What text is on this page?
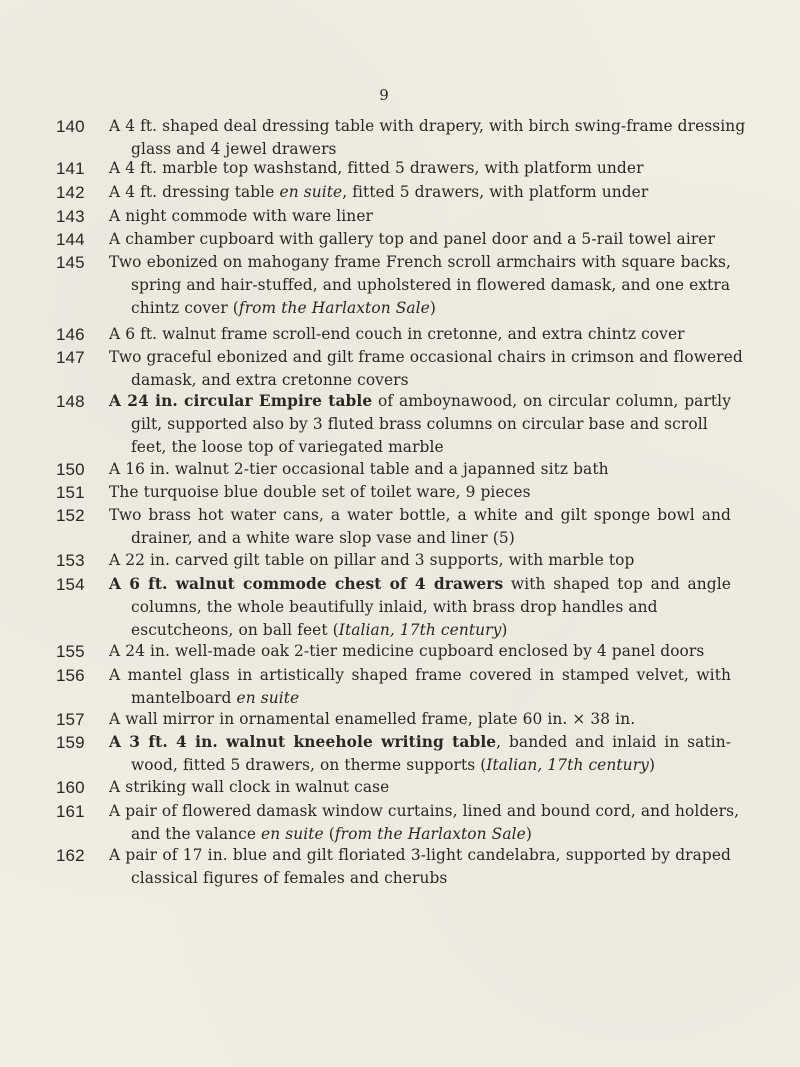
9
140	A 4 ft. shaped deal dressing table with drapery, with birch swing-frame dressing
glass and 4 jewel drawers
141	A 4 ft. marble top washstand, fitted 5 drawers, with platform under
142	A 4 ft. dressing table en suite, fitted 5 drawers, with platform under
143	A night commode with ware liner
144	A chamber cupboard with gallery top and panel door and a 5-rail towel airer
145	Two ebonized on mahogany frame French scroll armchairs with square backs,
spring and hair-stuffed, and upholstered in flowered damask, and one extra
chintz cover (from the Harlaxton Sale)
146	A 6 ft. walnut frame scroll-end couch in cretonne, and extra chintz cover
147	Two graceful ebonized and gilt frame occasional chairs in crimson and flowered
damask, and extra cretonne covers
148	A 24 in. circular Empire table of amboynawood, on circular column, partly
gilt, supported also by 3 fluted brass columns on circular base and scroll
feet, the loose top of variegated marble
150	A 16 in. walnut 2-tier occasional table and a japanned sitz bath
151	The turquoise blue double set of toilet ware, 9 pieces
152	Two brass hot water cans, a water bottle, a white and gilt sponge bowl and
drainer, and a white ware slop vase and liner (5)
153	A 22 in. carved gilt table on pillar and 3 supports, with marble top
154	A 6 ft. walnut commode chest of 4 drawers with shaped top and angle
columns, the whole beautifully inlaid, with brass drop handles and
escutcheons, on ball feet (Italian, 17th century)
155	A 24 in. well-made oak 2-tier medicine cupboard enclosed by 4 panel doors
156	A mantel glass in artistically shaped frame covered in stamped velvet, with
mantelboard en suite
157	A wall mirror in ornamental enamelled frame, plate 60 in. × 38 in.
159	A 3 ft. 4 in. walnut kneehole writing table, banded and inlaid in satin-
wood, fitted 5 drawers, on therme supports (Italian, 17th century)
160	A striking wall clock in walnut case
161	A pair of flowered damask window curtains, lined and bound cord, and holders,
and the valance en suite (from the Harlaxton Sale)
162	A pair of 17 in. blue and gilt floriated 3-light candelabra, supported by draped
classical figures of females and cherubs
